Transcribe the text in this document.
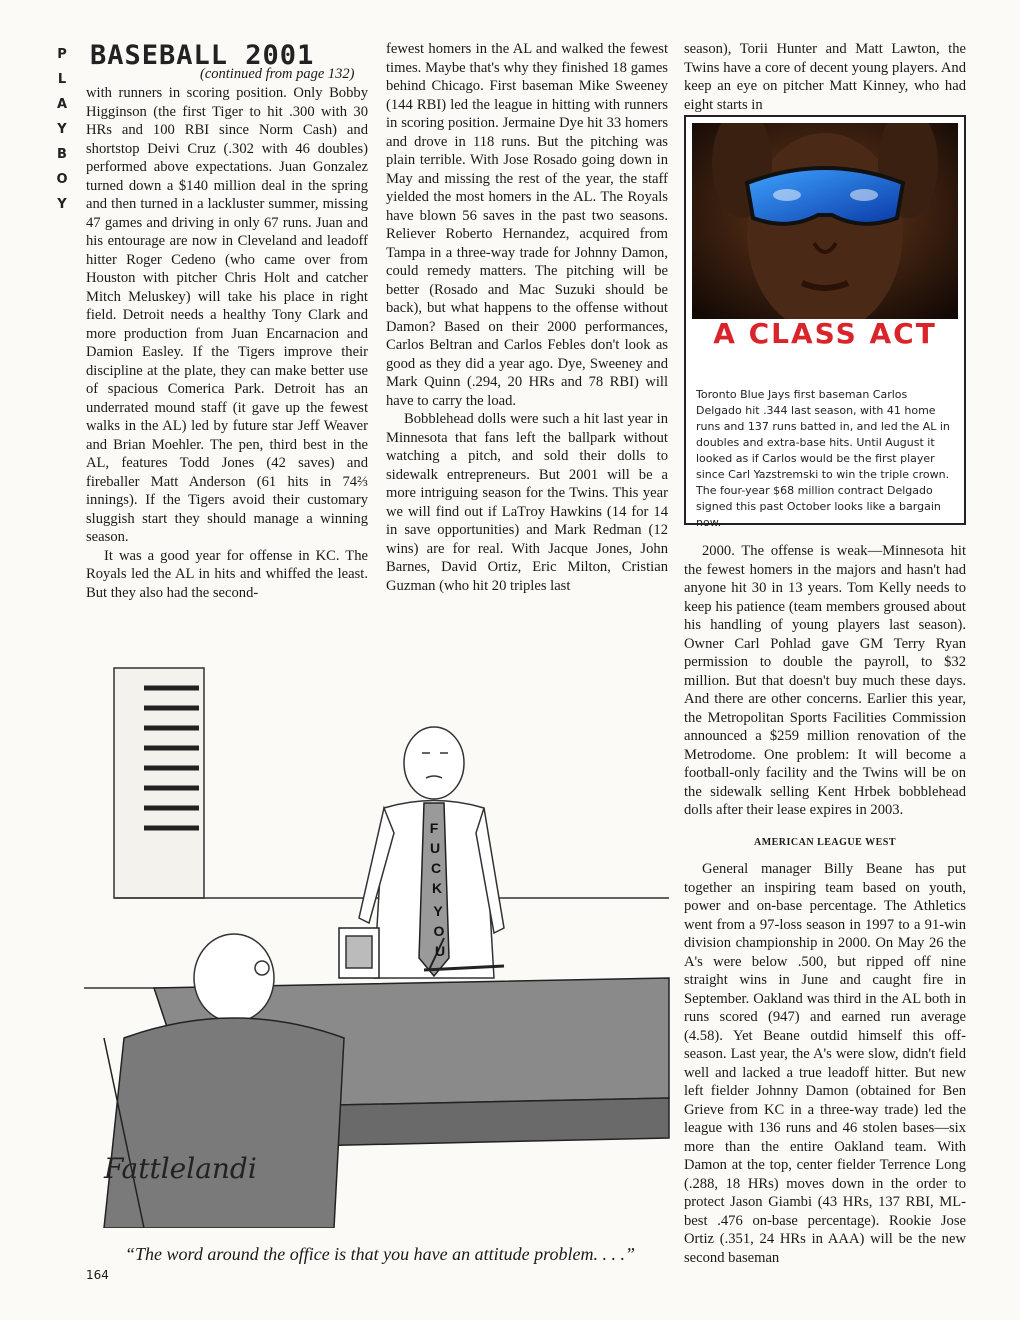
P
L
A
Y
B
O
Y
BASEBALL 2001
(continued from page 132)

with runners in scoring position. Only Bobby Higginson (the first Tiger to hit .300 with 30 HRs and 100 RBI since Norm Cash) and shortstop Deivi Cruz (.302 with 46 doubles) performed above expectations. Juan Gonzalez turned down a $140 million deal in the spring and then turned in a lackluster summer, missing 47 games and driving in only 67 runs. Juan and his entourage are now in Cleveland and leadoff hitter Roger Cedeno (who came over from Houston with pitcher Chris Holt and catcher Mitch Meluskey) will take his place in right field. Detroit needs a healthy Tony Clark and more production from Juan Encarnacion and Damion Easley. If the Tigers improve their discipline at the plate, they can make better use of spacious Comerica Park. Detroit has an underrated mound staff (it gave up the fewest walks in the AL) led by future star Jeff Weaver and Brian Moehler. The pen, third best in the AL, features Todd Jones (42 saves) and fireballer Matt Anderson (61 hits in 74⅔ innings). If the Tigers avoid their customary sluggish start they should manage a winning season.

It was a good year for offense in KC. The Royals led the AL in hits and whiffed the least. But they also had the second-

fewest homers in the AL and walked the fewest times. Maybe that's why they finished 18 games behind Chicago. First baseman Mike Sweeney (144 RBI) led the league in hitting with runners in scoring position. Jermaine Dye hit 33 homers and drove in 118 runs. But the pitching was plain terrible. With Jose Rosado going down in May and missing the rest of the year, the staff yielded the most homers in the AL. The Royals have blown 56 saves in the past two seasons. Reliever Roberto Hernandez, acquired from Tampa in a three-way trade for Johnny Damon, could remedy matters. The pitching will be better (Rosado and Mac Suzuki should be back), but what happens to the offense without Damon? Based on their 2000 performances, Carlos Beltran and Carlos Febles don't look as good as they did a year ago. Dye, Sweeney and Mark Quinn (.294, 20 HRs and 78 RBI) will have to carry the load.

Bobblehead dolls were such a hit last year in Minnesota that fans left the ballpark without watching a pitch, and sold their dolls to sidewalk entrepreneurs. But 2001 will be a more intriguing season for the Twins. This year we will find out if LaTroy Hawkins (14 for 14 in save opportunities) and Mark Redman (12 wins) are for real. With Jacque Jones, John Barnes, David Ortiz, Eric Milton, Cristian Guzman (who hit 20 triples last

season), Torii Hunter and Matt Lawton, the Twins have a core of decent young players. And keep an eye on pitcher Matt Kinney, who had eight starts in

A CLASS ACT
Toronto Blue Jays first baseman Carlos Delgado hit .344 last season, with 41 home runs and 137 runs batted in, and led the AL in doubles and extra-base hits. Until August it looked as if Carlos would be the first player since Carl Yazstremski to win the triple crown. The four-year $68 million contract Delgado signed this past October looks like a bargain now.

2000. The offense is weak—Minnesota hit the fewest homers in the majors and hasn't had anyone hit 30 in 13 years. Tom Kelly needs to keep his patience (team members groused about his handling of young players last season). Owner Carl Pohlad gave GM Terry Ryan permission to double the payroll, to $32 million. But that doesn't buy much these days. And there are other concerns. Earlier this year, the Metropolitan Sports Facilities Commission announced a $259 million renovation of the Metrodome. One problem: It will become a football-only facility and the Twins will be on the sidewalk selling Kent Hrbek bobblehead dolls after their lease expires in 2003.

AMERICAN LEAGUE WEST

General manager Billy Beane has put together an inspiring team based on youth, power and on-base percentage. The Athletics went from a 97-loss season in 1997 to a 91-win division championship in 2000. On May 26 the A's were below .500, but ripped off nine straight wins in June and caught fire in September. Oakland was third in the AL both in runs scored (947) and earned run average (4.58). Yet Beane outdid himself this off-season. Last year, the A's were slow, didn't field well and lacked a true leadoff hitter. But new left fielder Johnny Damon (obtained for Ben Grieve from KC in a three-way trade) led the league with 136 runs and 46 stolen bases—six more than the entire Oakland team. With Damon at the top, center fielder Terrence Long (.288, 18 HRs) moves down in the order to protect Jason Giambi (43 HRs, 137 RBI, ML-best .476 on-base percentage). Rookie Jose Ortiz (.351, 24 HRs in AAA) will be the new second baseman

F
U
C
K
Y
O
U
Fattlelandi
“The word around the office is that you have an attitude problem. . . .”
164
